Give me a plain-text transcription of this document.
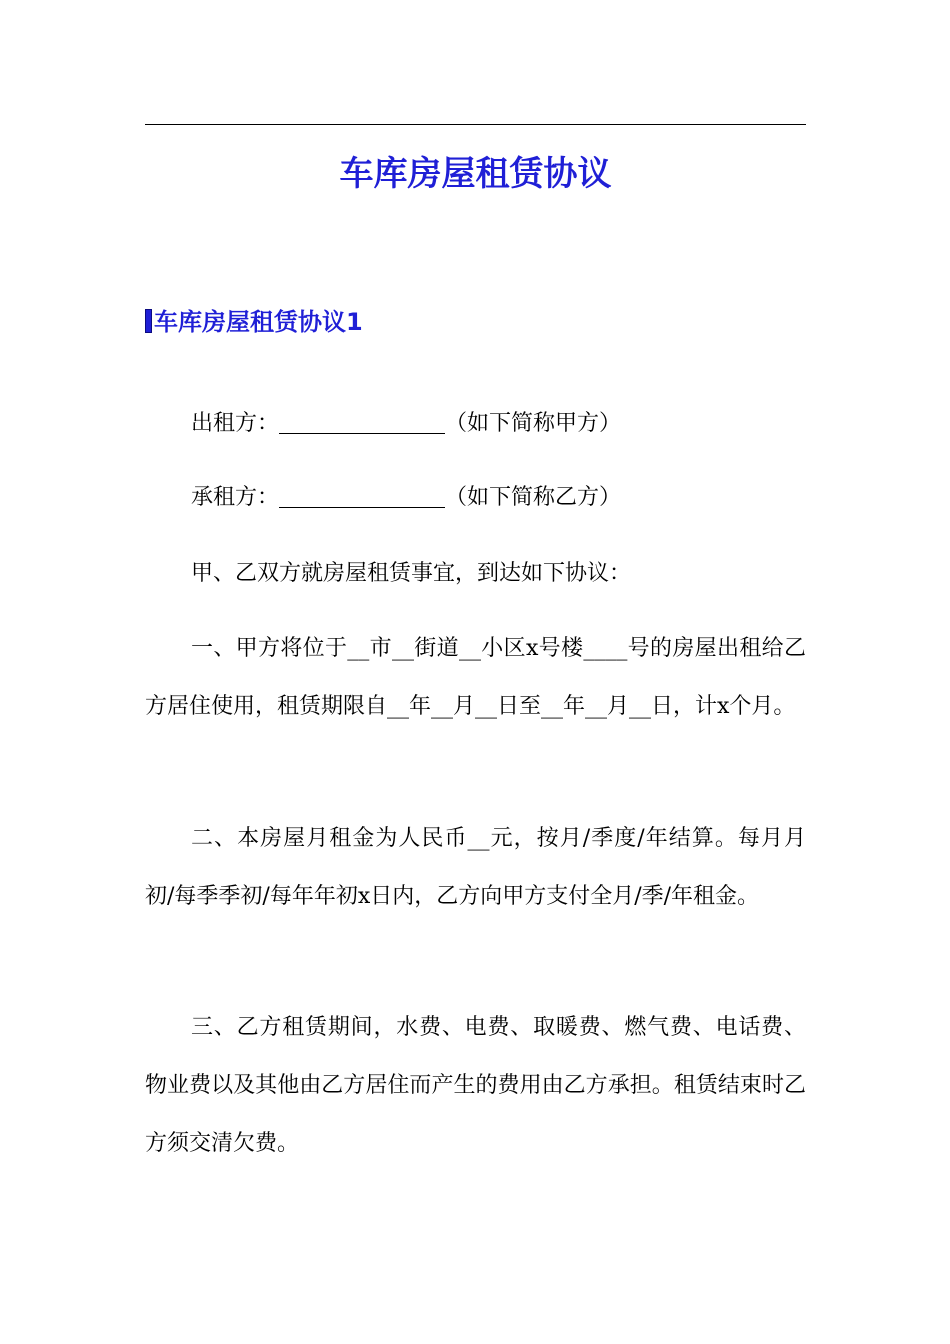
车库房屋租赁协议
车库房屋租赁协议1

出租方：	（如下简称甲方）

承租方：	（如下简称乙方）

甲、乙双方就房屋租赁事宜，到达如下协议：

一、甲方将位于__市__街道__小区x号楼____号的房屋出租给乙方居住使用，租赁期限自__年__月__日至__年__月__日，计x个月。

二、本房屋月租金为人民币__元，按月/季度/年结算。每月月初/每季季初/每年年初x日内，乙方向甲方支付全月/季/年租金。

三、乙方租赁期间，水费、电费、取暖费、燃气费、电话费、物业费以及其他由乙方居住而产生的费用由乙方承担。租赁结束时乙方须交清欠费。
